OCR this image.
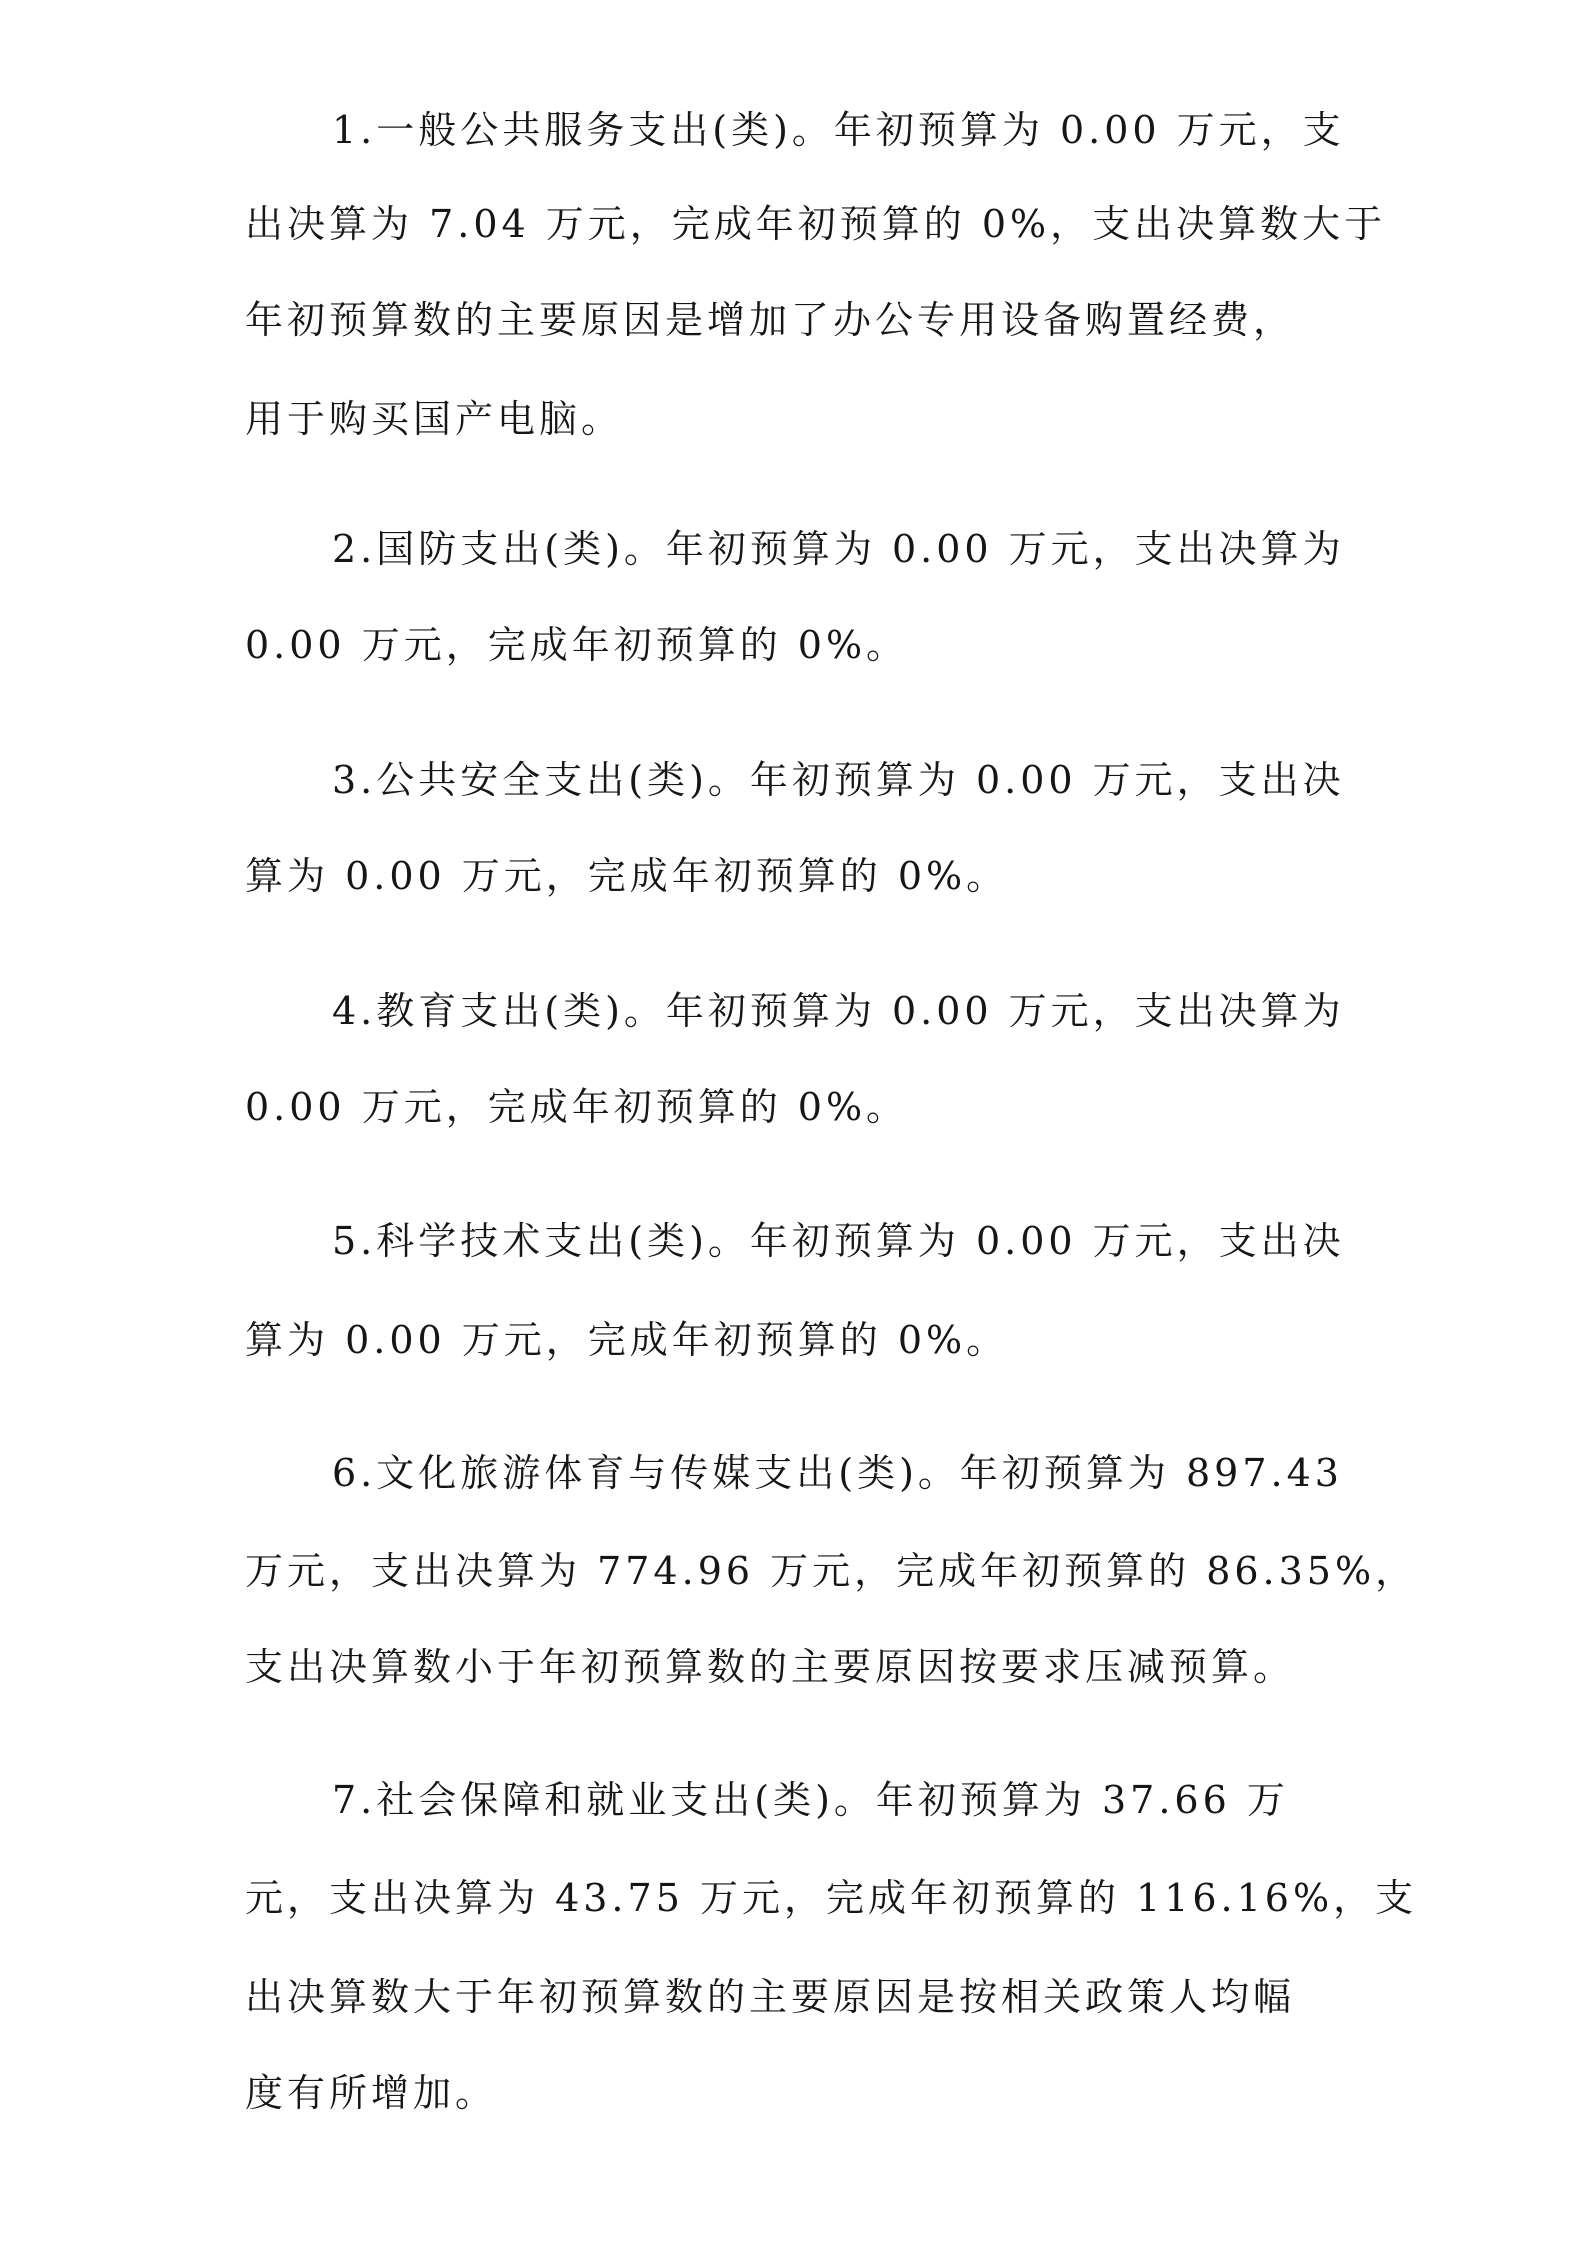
1.一般公共服务支出(类)。年初预算为 0.00 万元，支
出决算为 7.04 万元，完成年初预算的 0%，支出决算数大于
年初预算数的主要原因是增加了办公专用设备购置经费，
用于购买国产电脑。
2.国防支出(类)。年初预算为 0.00 万元，支出决算为
0.00 万元，完成年初预算的 0%。
3.公共安全支出(类)。年初预算为 0.00 万元，支出决
算为 0.00 万元，完成年初预算的 0%。
4.教育支出(类)。年初预算为 0.00 万元，支出决算为
0.00 万元，完成年初预算的 0%。
5.科学技术支出(类)。年初预算为 0.00 万元，支出决
算为 0.00 万元，完成年初预算的 0%。
6.文化旅游体育与传媒支出(类)。年初预算为 897.43
万元，支出决算为 774.96 万元，完成年初预算的 86.35%，
支出决算数小于年初预算数的主要原因按要求压减预算。
7.社会保障和就业支出(类)。年初预算为 37.66 万
元，支出决算为 43.75 万元，完成年初预算的 116.16%，支
出决算数大于年初预算数的主要原因是按相关政策人均幅
度有所增加。
